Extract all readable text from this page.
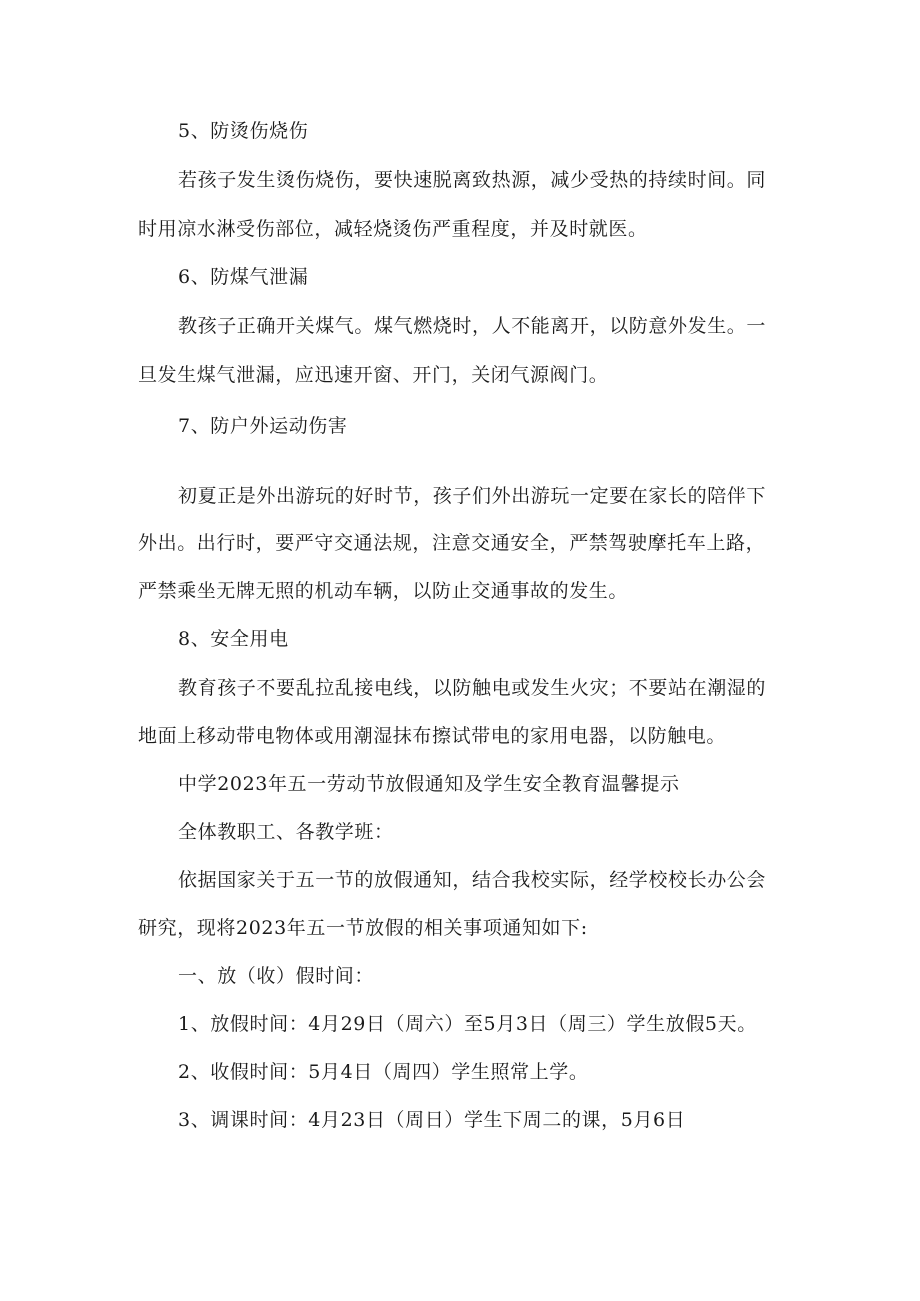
5、防烫伤烧伤

若孩子发生烫伤烧伤，要快速脱离致热源，减少受热的持续时间。同

时用凉水淋受伤部位，减轻烧烫伤严重程度，并及时就医。

6、防煤气泄漏

教孩子正确开关煤气。煤气燃烧时，人不能离开，以防意外发生。一

旦发生煤气泄漏，应迅速开窗、开门，关闭气源阀门。

7、防户外运动伤害

初夏正是外出游玩的好时节，孩子们外出游玩一定要在家长的陪伴下

外出。出行时，要严守交通法规，注意交通安全，严禁驾驶摩托车上路，

严禁乘坐无牌无照的机动车辆，以防止交通事故的发生。

8、安全用电

教育孩子不要乱拉乱接电线，以防触电或发生火灾；不要站在潮湿的

地面上移动带电物体或用潮湿抹布擦试带电的家用电器，以防触电。

中学2023年五一劳动节放假通知及学生安全教育温馨提示

全体教职工、各教学班：

依据国家关于五一节的放假通知，结合我校实际，经学校校长办公会

研究，现将2023年五一节放假的相关事项通知如下:

一、放（收）假时间：

1、放假时间：4月29日（周六）至5月3日（周三）学生放假5天。

2、收假时间：5月4日（周四）学生照常上学。

3、调课时间：4月23日（周日）学生下周二的课，5月6日
